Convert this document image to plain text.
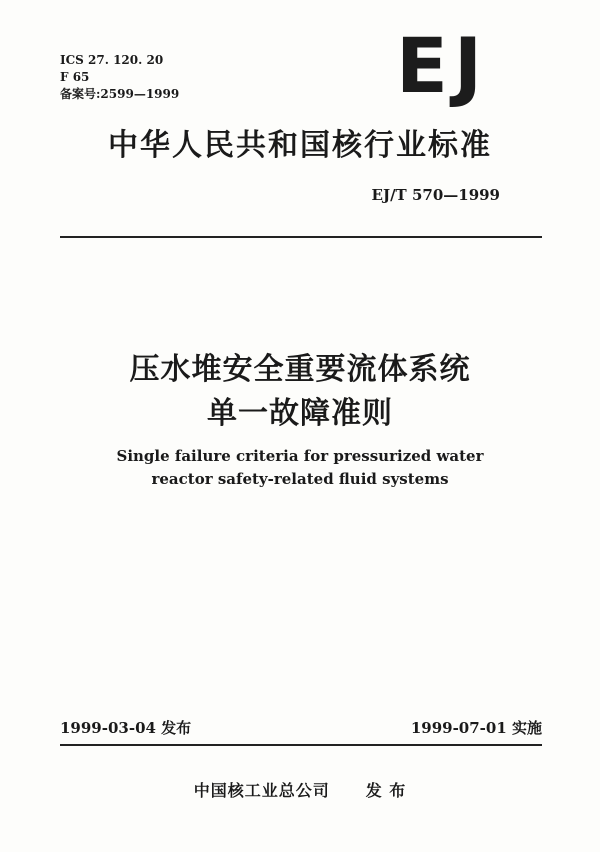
ICS 27. 120. 20
F 65
备案号:2599—1999	EJ
中华人民共和国核行业标准
EJ/T 570—1999
压水堆安全重要流体系统
单一故障准则
Single failure criteria for pressurized water
reactor safety-related fluid systems
1999-03-04 发布	1999-07-01 实施
中国核工业总公司 发 布
